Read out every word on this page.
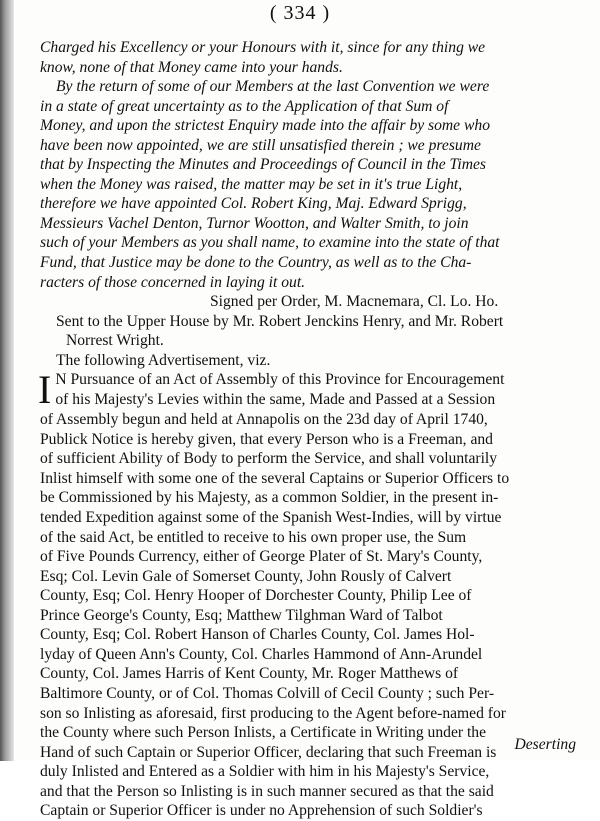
( 334 )
Charged his Excellency or your Honours with it, since for any thing we
know, none of that Money came into your hands.
By the return of some of our Members at the last Convention we were
in a state of great uncertainty as to the Application of that Sum of
Money, and upon the strictest Enquiry made into the affair by some who
have been now appointed, we are still unsatisfied therein ; we presume
that by Inspecting the Minutes and Proceedings of Council in the Times
when the Money was raised, the matter may be set in it's true Light,
therefore we have appointed Col. Robert King, Maj. Edward Sprigg,
Messieurs Vachel Denton, Turnor Wootton, and Walter Smith, to join
such of your Members as you shall name, to examine into the state of that
Fund, that Justice may be done to the Country, as well as to the Cha-
racters of those concerned in laying it out.
Signed per Order, M. Macnemara, Cl. Lo. Ho.
Sent to the Upper House by Mr. Robert Jenckins Henry, and Mr. Robert
Norrest Wright.
The following Advertisement, viz.
I N Pursuance of an Act of Assembly of this Province for Encouragement
of his Majesty's Levies within the same, Made and Passed at a Session
of Assembly begun and held at Annapolis on the 23d day of April 1740,
Publick Notice is hereby given, that every Person who is a Freeman, and
of sufficient Ability of Body to perform the Service, and shall voluntarily
Inlist himself with some one of the several Captains or Superior Officers to
be Commissioned by his Majesty, as a common Soldier, in the present in-
tended Expedition against some of the Spanish West-Indies, will by virtue
of the said Act, be entitled to receive to his own proper use, the Sum
of Five Pounds Currency, either of George Plater of St. Mary's County,
Esq; Col. Levin Gale of Somerset County, John Rously of Calvert
County, Esq; Col. Henry Hooper of Dorchester County, Philip Lee of
Prince George's County, Esq; Matthew Tilghman Ward of Talbot
County, Esq; Col. Robert Hanson of Charles County, Col. James Hol-
lyday of Queen Ann's County, Col. Charles Hammond of Ann-Arundel
County, Col. James Harris of Kent County, Mr. Roger Matthews of
Baltimore County, or of Col. Thomas Colvill of Cecil County ; such Per-
son so Inlisting as aforesaid, first producing to the Agent before-named for
the County where such Person Inlists, a Certificate in Writing under the
Hand of such Captain or Superior Officer, declaring that such Freeman is
duly Inlisted and Entered as a Soldier with him in his Majesty's Service,
and that the Person so Inlisting is in such manner secured as that the said
Captain or Superior Officer is under no Apprehension of such Soldier's
Deserting
